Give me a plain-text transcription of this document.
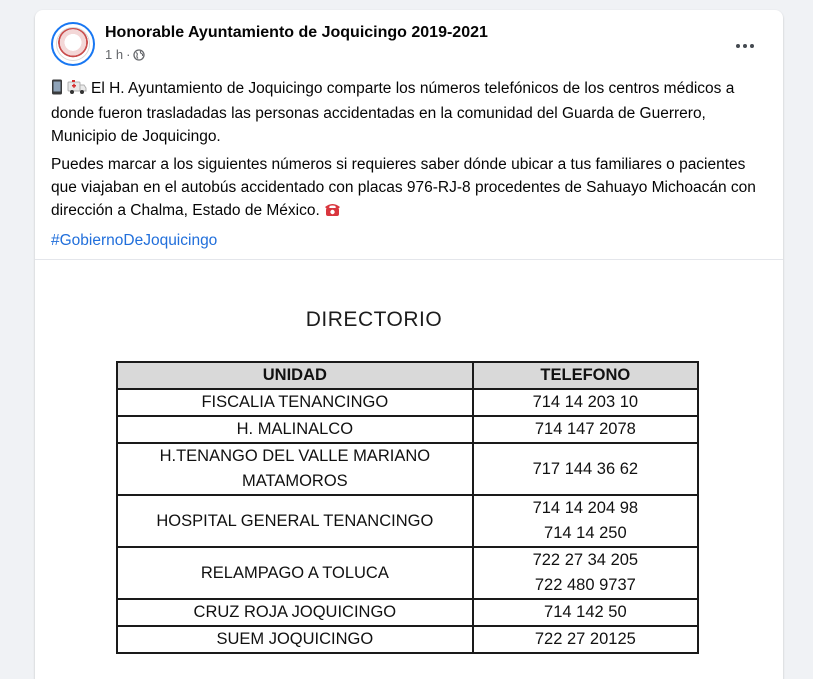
Honorable Ayuntamiento de Joquicingo 2019-2021
1 h ·

El H. Ayuntamiento de Joquicingo comparte los números telefónicos de los centros médicos a donde fueron trasladadas las personas accidentadas en la comunidad del Guarda de Guerrero, Municipio de Joquicingo.

Puedes marcar a los siguientes números si requieres saber dónde ubicar a tus familiares o pacientes que viajaban en el autobús accidentado con placas 976-RJ-8 procedentes de Sahuayo Michoacán con dirección a Chalma, Estado de México.

#GobiernoDeJoquicingo

DIRECTORIO
UNIDAD	TELEFONO
FISCALIA TENANCINGO	714 14 203 10
H. MALINALCO	714 147 2078
H.TENANGO DEL VALLE MARIANO MATAMOROS	717 144 36 62
HOSPITAL GENERAL TENANCINGO	714 14 204 98
714 14 250

RELAMPAGO A TOLUCA	722 27 34 205
722 480 9737

CRUZ ROJA JOQUICINGO	714 142 50
SUEM JOQUICINGO	722 27 20125
